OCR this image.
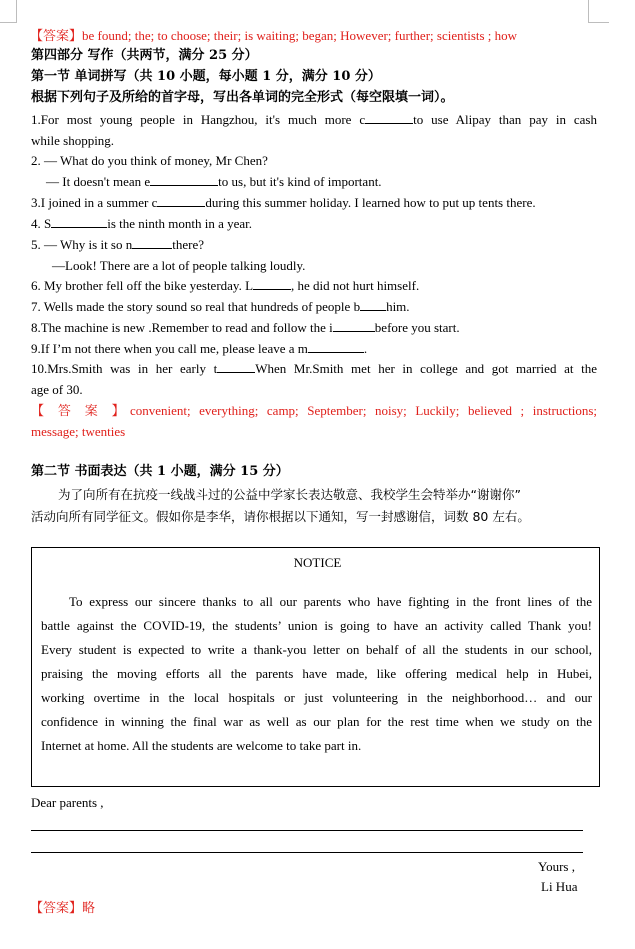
【答案】be found; the; to choose; their; is waiting; began; However; further; scientists ; how
第四部分 写作（共两节，满分 25 分）
第一节 单词拼写（共 10 小题，每小题 1 分，满分 10 分）
根据下列句子及所给的首字母，写出各单词的完全形式（每空限填一词）。
1.For most young people in Hangzhou, it's much more c	to use Alipay than pay in cash
while shopping.
2. — What do you think of money, Mr Chen?
— It doesn't mean e	to us, but it's kind of important.
3.I joined in a summer c	during this summer holiday. I learned how to put up tents there.
4. S	is the ninth month in a year.
5. — Why is it so n	there?
—Look! There are a lot of people talking loudly.
6. My brother fell off the bike yesterday. L	, he did not hurt himself.
7. Wells made the story sound so real that hundreds of people b him.
8.The machine is new .Remember to read and follow the i	before you start.
9.If I’m not there when you call me, please leave a m	.
10.Mrs.Smith was in her early t	When Mr.Smith met her in college and got married at the
age of 30.
【 答 案 】convenient; everything; camp; September; noisy; Luckily; believed ; instructions;
message; twenties
第二节 书面表达（共 1 小题，满分 15 分）
为了向所有在抗疫一线战斗过的公益中学家长表达敬意、我校学生会特举办“谢谢你”
活动向所有同学征文。假如你是李华，请你根据以下通知，写一封感谢信，词数 80 左右。
NOTICE
To express our sincere thanks to all our parents who have fighting in the front lines of the
battle against the COVID-19, the students’ union is going to have an activity called Thank you!
Every student is expected to write a thank-you letter on behalf of all the students in our school,
praising the moving efforts all the parents have made, like offering medical help in Hubei,
working overtime in the local hospitals or just volunteering in the neighborhood… and our
confidence in winning the final war as well as our plan for the rest time when we study on the
Internet at home. All the students are welcome to take part in.
Dear parents ,
Yours ,
Li Hua
【答案】略
